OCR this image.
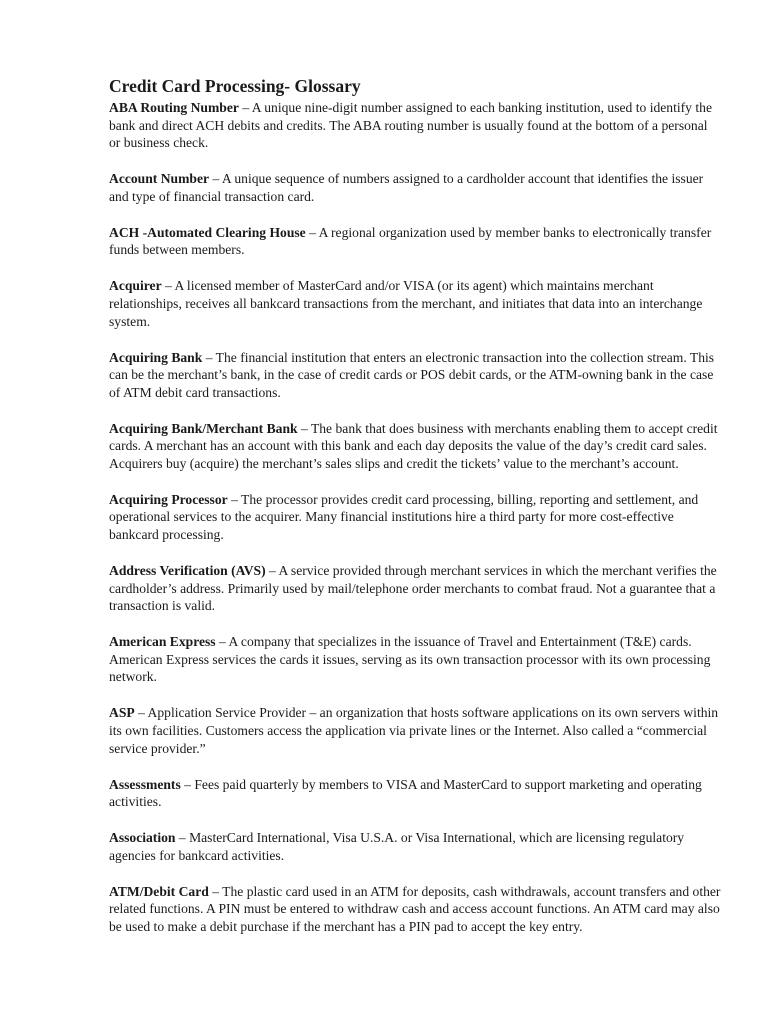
Credit Card Processing- Glossary
ABA Routing Number – A unique nine-digit number assigned to each banking institution, used to identify the bank and direct ACH debits and credits. The ABA routing number is usually found at the bottom of a personal or business check.
Account Number – A unique sequence of numbers assigned to a cardholder account that identifies the issuer and type of financial transaction card.
ACH -Automated Clearing House – A regional organization used by member banks to electronically transfer funds between members.
Acquirer – A licensed member of MasterCard and/or VISA (or its agent) which maintains merchant relationships, receives all bankcard transactions from the merchant, and initiates that data into an interchange system.
Acquiring Bank – The financial institution that enters an electronic transaction into the collection stream. This can be the merchant’s bank, in the case of credit cards or POS debit cards, or the ATM-owning bank in the case of ATM debit card transactions.
Acquiring Bank/Merchant Bank – The bank that does business with merchants enabling them to accept credit cards. A merchant has an account with this bank and each day deposits the value of the day’s credit card sales. Acquirers buy (acquire) the merchant’s sales slips and credit the tickets’ value to the merchant’s account.
Acquiring Processor – The processor provides credit card processing, billing, reporting and settlement, and operational services to the acquirer. Many financial institutions hire a third party for more cost-effective bankcard processing.
Address Verification (AVS) – A service provided through merchant services in which the merchant verifies the cardholder’s address. Primarily used by mail/telephone order merchants to combat fraud. Not a guarantee that a transaction is valid.
American Express – A company that specializes in the issuance of Travel and Entertainment (T&E) cards. American Express services the cards it issues, serving as its own transaction processor with its own processing network.
ASP – Application Service Provider – an organization that hosts software applications on its own servers within its own facilities. Customers access the application via private lines or the Internet. Also called a “commercial service provider.”
Assessments – Fees paid quarterly by members to VISA and MasterCard to support marketing and operating activities.
Association – MasterCard International, Visa U.S.A. or Visa International, which are licensing regulatory agencies for bankcard activities.
ATM/Debit Card – The plastic card used in an ATM for deposits, cash withdrawals, account transfers and other related functions. A PIN must be entered to withdraw cash and access account functions. An ATM card may also be used to make a debit purchase if the merchant has a PIN pad to accept the key entry.
